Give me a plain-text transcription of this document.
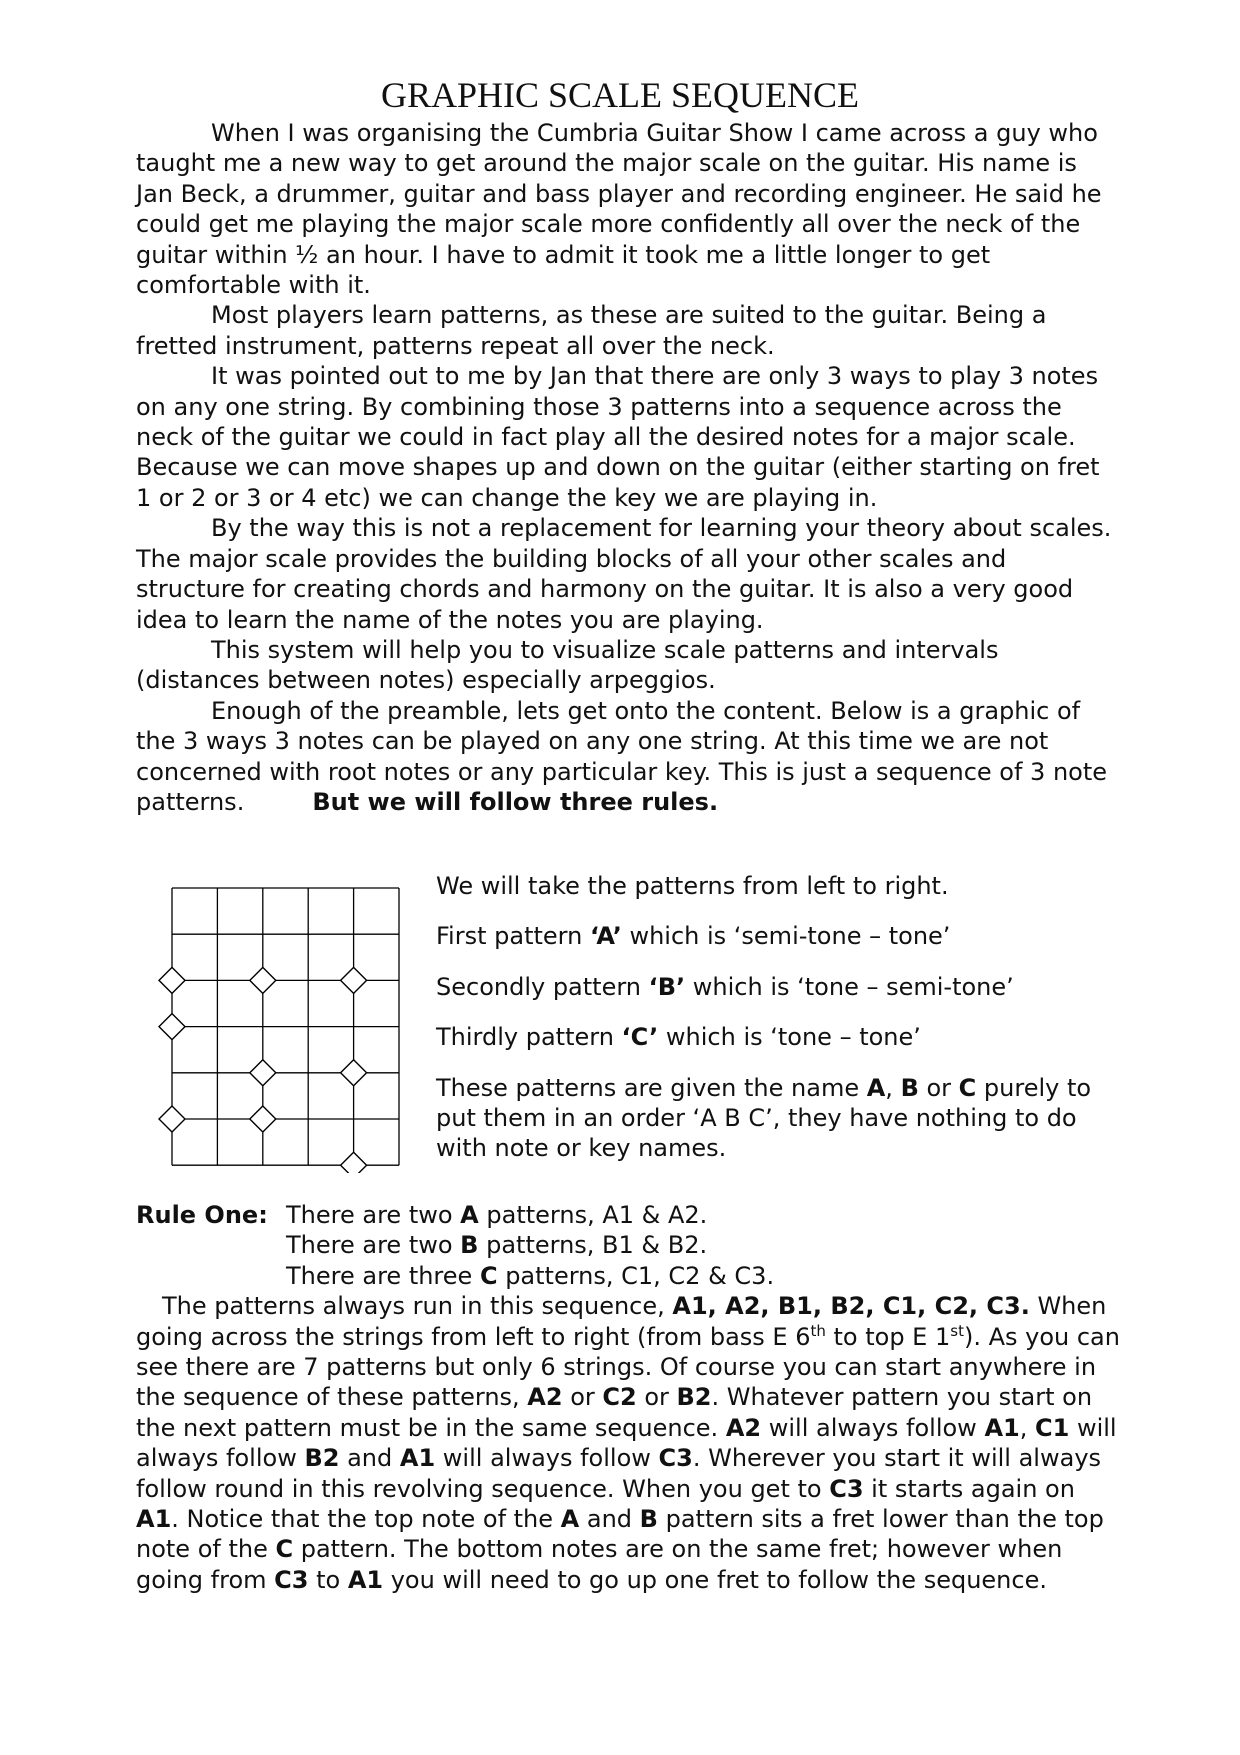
GRAPHIC SCALE SEQUENCE

When I was organising the Cumbria Guitar Show I came across a guy who taught me a new way to get around the major scale on the guitar. His name is Jan Beck, a drummer, guitar and bass player and recording engineer. He said he could get me playing the major scale more confidently all over the neck of the guitar within ½ an hour. I have to admit it took me a little longer to get comfortable with it.

Most players learn patterns, as these are suited to the guitar. Being a fretted instrument, patterns repeat all over the neck.

It was pointed out to me by Jan that there are only 3 ways to play 3 notes on any one string. By combining those 3 patterns into a sequence across the neck of the guitar we could in fact play all the desired notes for a major scale. Because we can move shapes up and down on the guitar (either starting on fret 1 or 2 or 3 or 4 etc) we can change the key we are playing in.

By the way this is not a replacement for learning your theory about scales. The major scale provides the building blocks of all your other scales and structure for creating chords and harmony on the guitar. It is also a very good idea to learn the name of the notes you are playing.

This system will help you to visualize scale patterns and intervals (distances between notes) especially arpeggios.

Enough of the preamble, lets get onto the content. Below is a graphic of the 3 ways 3 notes can be played on any one string. At this time we are not concerned with root notes or any particular key. This is just a sequence of 3 note patterns.	But we will follow three rules.

We will take the patterns from left to right.

First pattern ‘A’ which is ‘semi-tone – tone’

Secondly pattern ‘B’ which is ‘tone – semi-tone’

Thirdly pattern ‘C’ which is ‘tone – tone’

These patterns are given the name A, B or C purely to put them in an order ‘A B C’, they have nothing to do with note or key names.

Rule One: There are two A patterns, A1 & A2.

There are two B patterns, B1 & B2.

There are three C patterns, C1, C2 & C3.

The patterns always run in this sequence, A1, A2, B1, B2, C1, C2, C3. When going across the strings from left to right (from bass E 6th to top E 1st). As you can see there are 7 patterns but only 6 strings. Of course you can start anywhere in the sequence of these patterns, A2 or C2 or B2. Whatever pattern you start on the next pattern must be in the same sequence. A2 will always follow A1, C1 will always follow B2 and A1 will always follow C3. Wherever you start it will always follow round in this revolving sequence. When you get to C3 it starts again on A1. Notice that the top note of the A and B pattern sits a fret lower than the top note of the C pattern. The bottom notes are on the same fret; however when going from C3 to A1 you will need to go up one fret to follow the sequence.
